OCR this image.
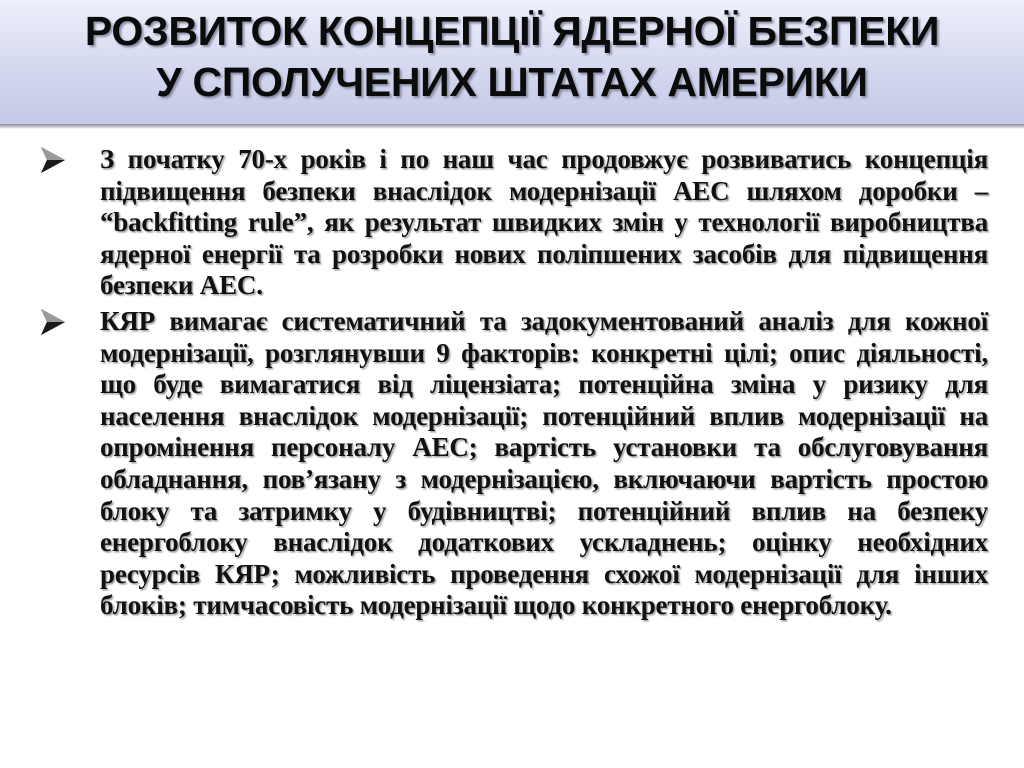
РОЗВИТОК КОНЦЕПЦІЇ ЯДЕРНОЇ БЕЗПЕКИ
У СПОЛУЧЕНИХ ШТАТАХ АМЕРИКИ

З початку 70-х років і по наш час продовжує розвиватись концепція підвищення безпеки внаслідок модернізації АЕС шляхом доробки – “backfitting rule”, як результат швидких змін у технології виробництва ядерної енергії та розробки нових поліпшених засобів для підвищення безпеки АЕС.

КЯР вимагає систематичний та задокументований аналіз для кожної модернізації, розглянувши 9 факторів: конкретні цілі; опис діяльності, що буде вимагатися від ліцензіата; потенційна зміна у ризику для населення внаслідок модернізації; потенційний вплив модернізації на опромінення персоналу АЕС; вартість установки та обслуговування обладнання, пов’язану з модернізацією, включаючи вартість простою блоку та затримку у будівництві; потенційний вплив на безпеку енергоблоку внаслідок додаткових ускладнень; оцінку необхідних ресурсів КЯР; можливість проведення схожої модернізації для інших блоків; тимчасовість модернізації щодо конкретного енергоблоку.
